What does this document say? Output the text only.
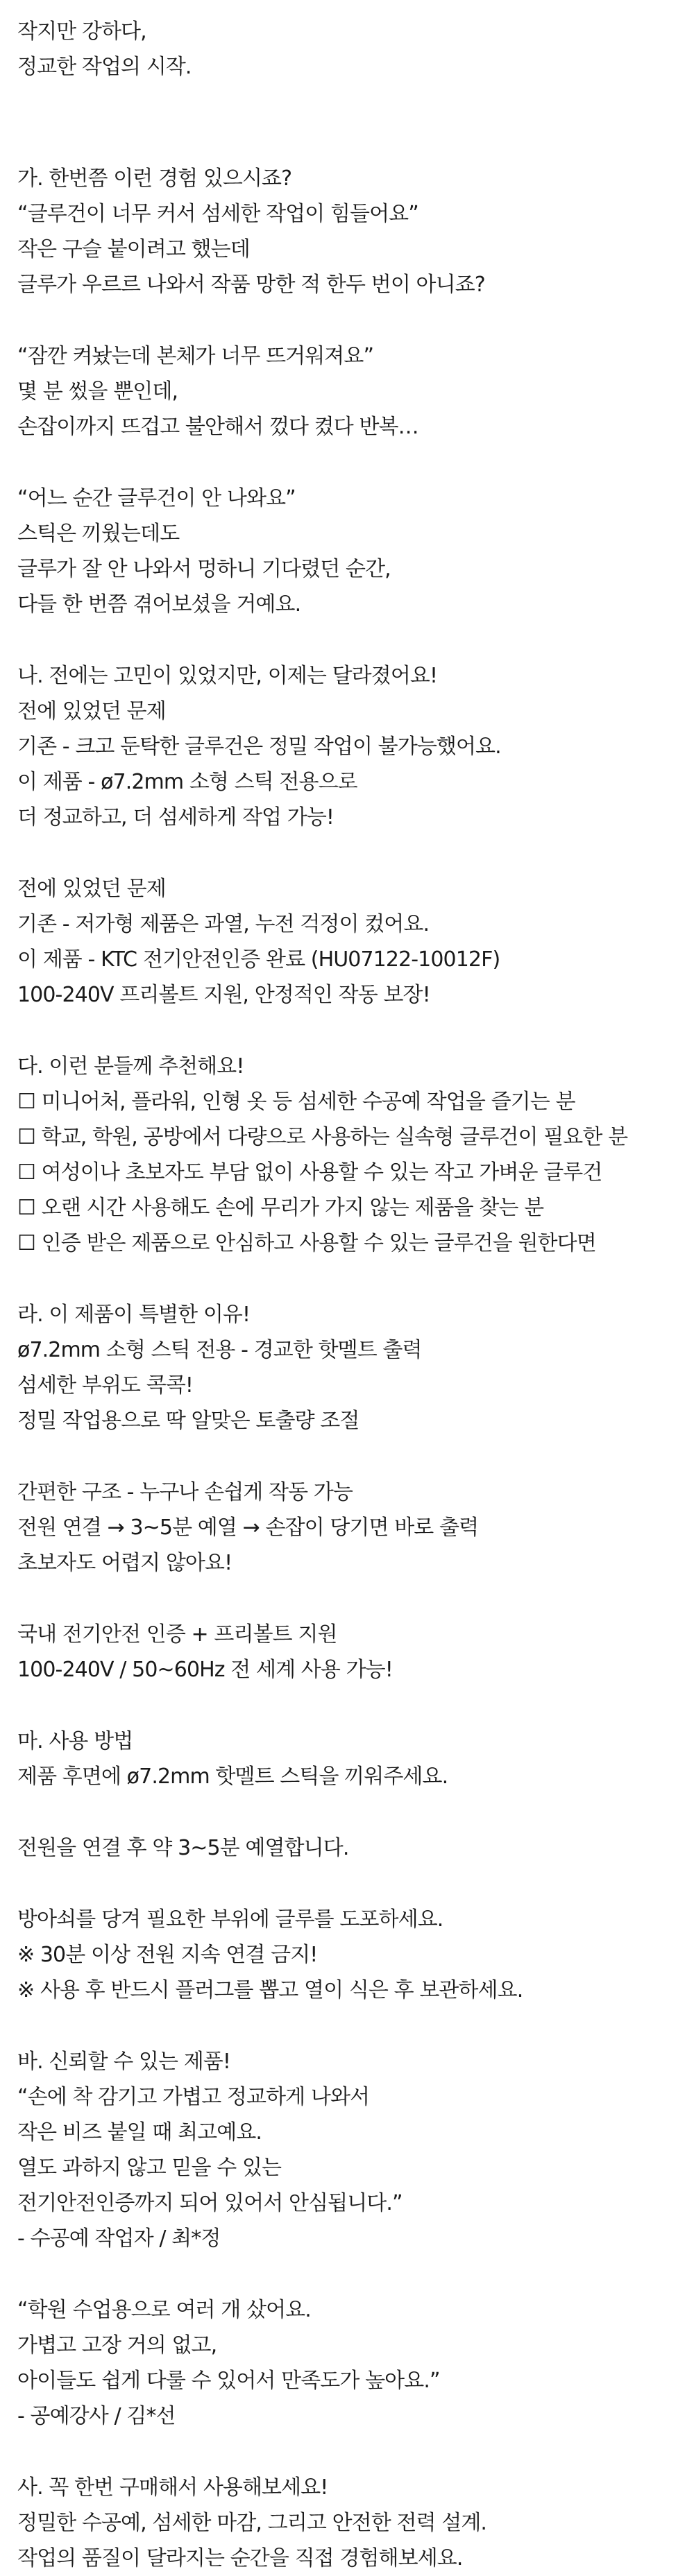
작지만 강하다,
정교한 작업의 시작.
가. 한번쯤 이런 경험 있으시죠?
“글루건이 너무 커서 섬세한 작업이 힘들어요”
작은 구슬 붙이려고 했는데
글루가 우르르 나와서 작품 망한 적 한두 번이 아니죠?
“잠깐 켜놨는데 본체가 너무 뜨거워져요”
몇 분 썼을 뿐인데,
손잡이까지 뜨겁고 불안해서 껐다 켰다 반복…
“어느 순간 글루건이 안 나와요”
스틱은 끼웠는데도
글루가 잘 안 나와서 멍하니 기다렸던 순간,
다들 한 번쯤 겪어보셨을 거예요.
나. 전에는 고민이 있었지만, 이제는 달라졌어요!
전에 있었던 문제
기존 - 크고 둔탁한 글루건은 정밀 작업이 불가능했어요.
이 제품 - ø7.2mm 소형 스틱 전용으로
더 정교하고, 더 섬세하게 작업 가능!
전에 있었던 문제
기존 - 저가형 제품은 과열, 누전 걱정이 컸어요.
이 제품 - KTC 전기안전인증 완료 (HU07122-10012F)
100-240V 프리볼트 지원, 안정적인 작동 보장!
다. 이런 분들께 추천해요!
☐ 미니어처, 플라워, 인형 옷 등 섬세한 수공예 작업을 즐기는 분
☐ 학교, 학원, 공방에서 다량으로 사용하는 실속형 글루건이 필요한 분
☐ 여성이나 초보자도 부담 없이 사용할 수 있는 작고 가벼운 글루건
☐ 오랜 시간 사용해도 손에 무리가 가지 않는 제품을 찾는 분
☐ 인증 받은 제품으로 안심하고 사용할 수 있는 글루건을 원한다면
라. 이 제품이 특별한 이유!
ø7.2mm 소형 스틱 전용 - 경교한 핫멜트 출력
섬세한 부위도 콕콕!
정밀 작업용으로 딱 알맞은 토출량 조절
간편한 구조 - 누구나 손쉽게 작동 가능
전원 연결 → 3~5분 예열 → 손잡이 당기면 바로 출력
초보자도 어렵지 않아요!
국내 전기안전 인증 + 프리볼트 지원
100-240V / 50~60Hz 전 세계 사용 가능!
마. 사용 방법
제품 후면에 ø7.2mm 핫멜트 스틱을 끼워주세요.
전원을 연결 후 약 3~5분 예열합니다.
방아쇠를 당겨 필요한 부위에 글루를 도포하세요.
※ 30분 이상 전원 지속 연결 금지!
※ 사용 후 반드시 플러그를 뽑고 열이 식은 후 보관하세요.
바. 신뢰할 수 있는 제품!
“손에 착 감기고 가볍고 정교하게 나와서
작은 비즈 붙일 때 최고예요.
열도 과하지 않고 믿을 수 있는
전기안전인증까지 되어 있어서 안심됩니다.”
- 수공예 작업자 / 최*정
“학원 수업용으로 여러 개 샀어요.
가볍고 고장 거의 없고,
아이들도 쉽게 다룰 수 있어서 만족도가 높아요.”
- 공예강사 / 김*선
사. 꼭 한번 구매해서 사용해보세요!
정밀한 수공예, 섬세한 마감, 그리고 안전한 전력 설계.
작업의 품질이 달라지는 순간을 직접 경험해보세요.
